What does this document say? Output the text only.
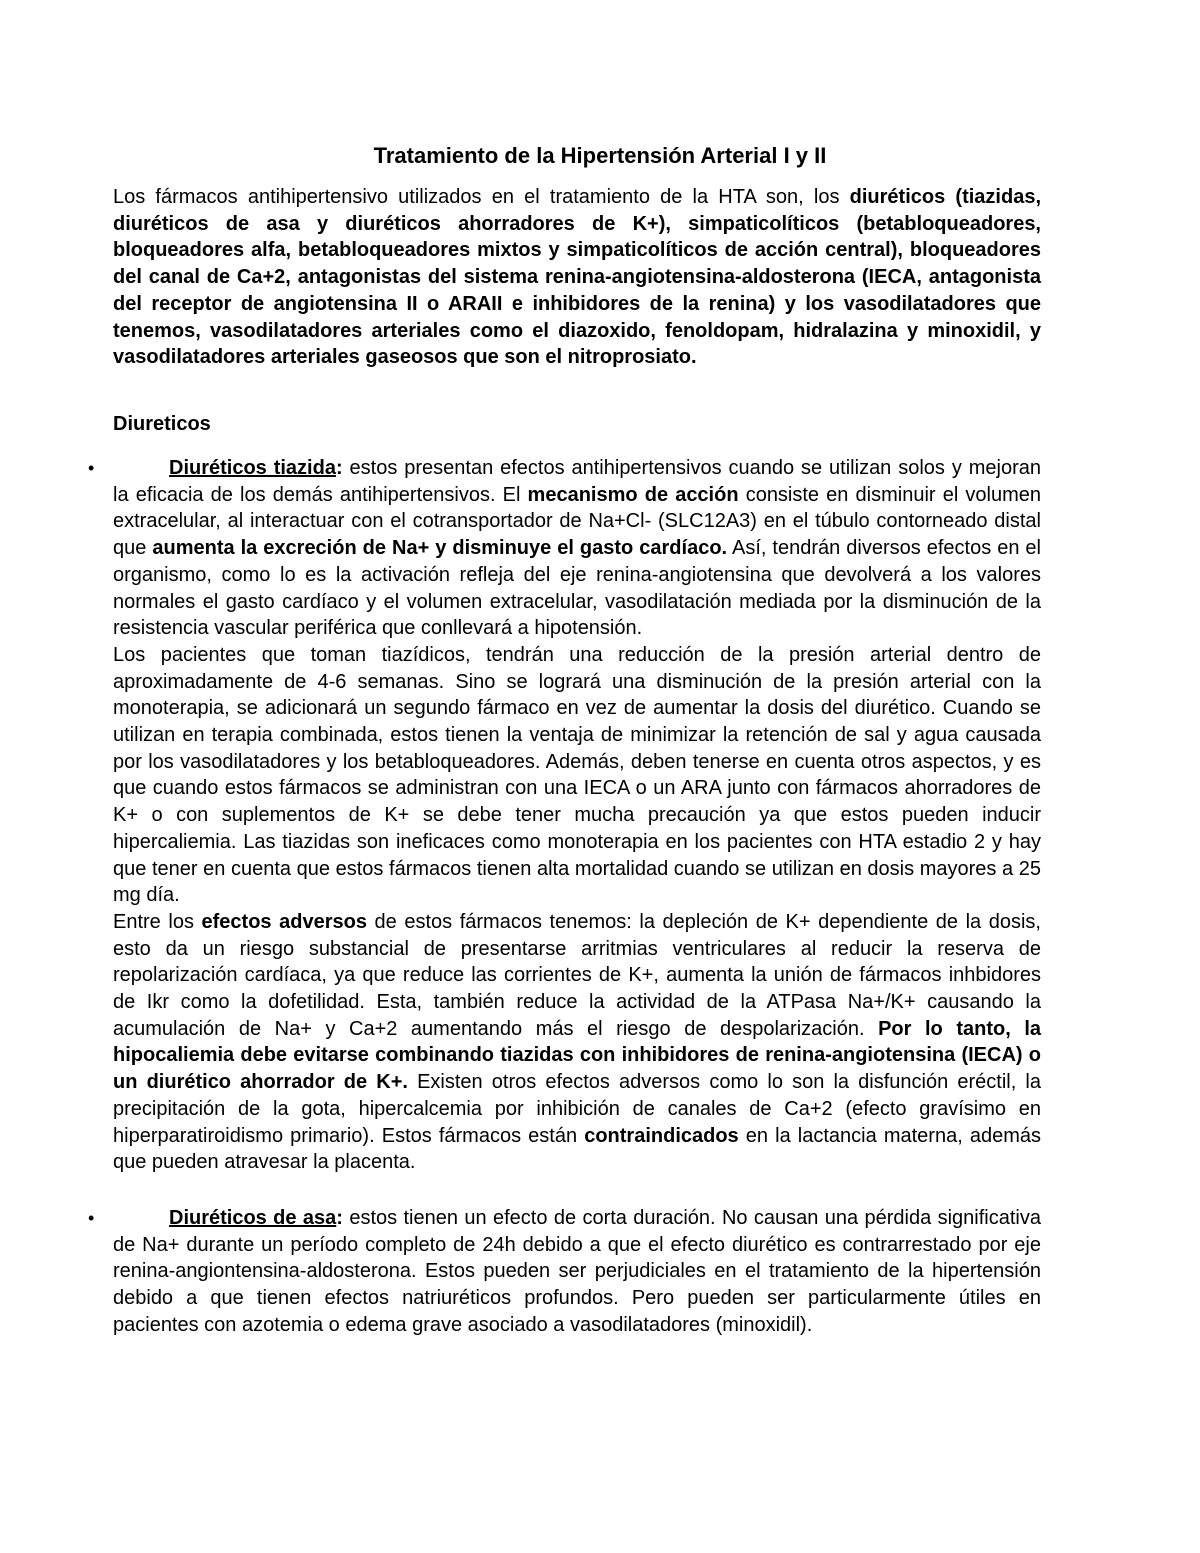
Tratamiento de la Hipertensión Arterial I y II

Los fármacos antihipertensivo utilizados en el tratamiento de la HTA son, los diuréticos (tiazidas, diuréticos de asa y diuréticos ahorradores de K+), simpaticolíticos (betabloqueadores, bloqueadores alfa, betabloqueadores mixtos y simpaticolíticos de acción central), bloqueadores del canal de Ca+2, antagonistas del sistema renina-angiotensina-aldosterona (IECA, antagonista del receptor de angiotensina II o ARAII e inhibidores de la renina) y los vasodilatadores que tenemos, vasodilatadores arteriales como el diazoxido, fenoldopam, hidralazina y minoxidil, y vasodilatadores arteriales gaseosos que son el nitroprosiato.

Diureticos

•	Diuréticos tiazida: estos presentan efectos antihipertensivos cuando se utilizan solos y mejoran la eficacia de los demás antihipertensivos. El mecanismo de acción consiste en disminuir el volumen extracelular, al interactuar con el cotransportador de Na+Cl- (SLC12A3) en el túbulo contorneado distal que aumenta la excreción de Na+ y disminuye el gasto cardíaco. Así, tendrán diversos efectos en el organismo, como lo es la activación refleja del eje renina-angiotensina que devolverá a los valores normales el gasto cardíaco y el volumen extracelular, vasodilatación mediada por la disminución de la resistencia vascular periférica que conllevará a hipotensión.

Los pacientes que toman tiazídicos, tendrán una reducción de la presión arterial dentro de aproximadamente de 4-6 semanas. Sino se logrará una disminución de la presión arterial con la monoterapia, se adicionará un segundo fármaco en vez de aumentar la dosis del diurético. Cuando se utilizan en terapia combinada, estos tienen la ventaja de minimizar la retención de sal y agua causada por los vasodilatadores y los betabloqueadores. Además, deben tenerse en cuenta otros aspectos, y es que cuando estos fármacos se administran con una IECA o un ARA junto con fármacos ahorradores de K+ o con suplementos de K+ se debe tener mucha precaución ya que estos pueden inducir hipercaliemia. Las tiazidas son ineficaces como monoterapia en los pacientes con HTA estadio 2 y hay que tener en cuenta que estos fármacos tienen alta mortalidad cuando se utilizan en dosis mayores a 25 mg día.

Entre los efectos adversos de estos fármacos tenemos: la depleción de K+ dependiente de la dosis, esto da un riesgo substancial de presentarse arritmias ventriculares al reducir la reserva de repolarización cardíaca, ya que reduce las corrientes de K+, aumenta la unión de fármacos inhbidores de Ikr como la dofetilidad. Esta, también reduce la actividad de la ATPasa Na+/K+ causando la acumulación de Na+ y Ca+2 aumentando más el riesgo de despolarización. Por lo tanto, la hipocaliemia debe evitarse combinando tiazidas con inhibidores de renina-angiotensina (IECA) o un diurético ahorrador de K+. Existen otros efectos adversos como lo son la disfunción eréctil, la precipitación de la gota, hipercalcemia por inhibición de canales de Ca+2 (efecto gravísimo en hiperparatiroidismo primario). Estos fármacos están contraindicados en la lactancia materna, además que pueden atravesar la placenta.

•	Diuréticos de asa: estos tienen un efecto de corta duración. No causan una pérdida significativa de Na+ durante un período completo de 24h debido a que el efecto diurético es contrarrestado por eje renina-angiontensina-aldosterona. Estos pueden ser perjudiciales en el tratamiento de la hipertensión debido a que tienen efectos natriuréticos profundos. Pero pueden ser particularmente útiles en pacientes con azotemia o edema grave asociado a vasodilatadores (minoxidil).
